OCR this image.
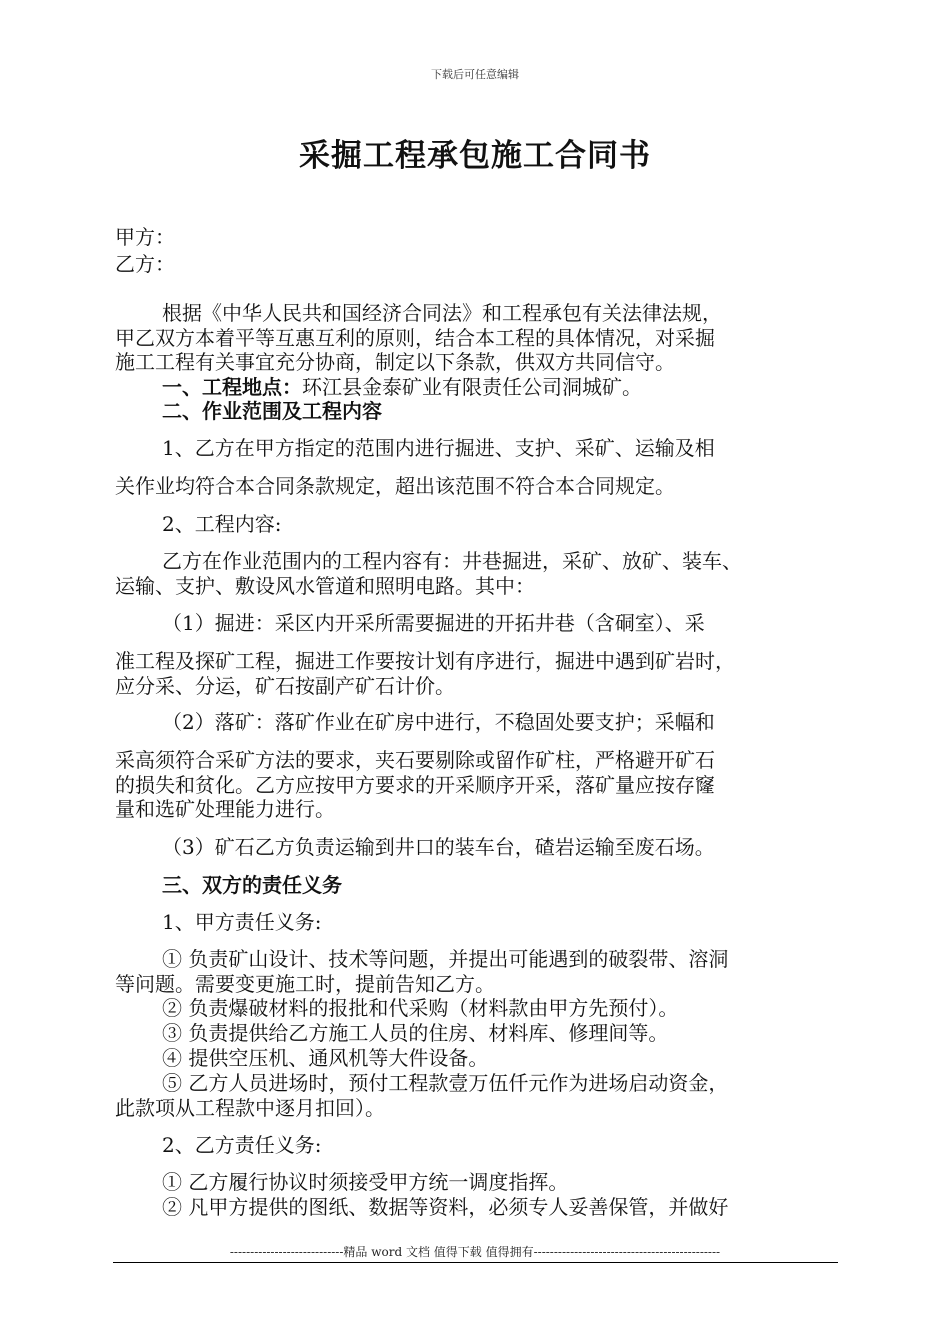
下载后可任意编辑
采掘工程承包施工合同书
甲方：
乙方：
根据《中华人民共和国经济合同法》和工程承包有关法律法规，
甲乙双方本着平等互惠互利的原则，结合本工程的具体情况，对采掘
施工工程有关事宜充分协商，制定以下条款，供双方共同信守。
一、工程地点：环江县金泰矿业有限责任公司洞城矿。
二、作业范围及工程内容
1、乙方在甲方指定的范围内进行掘进、支护、采矿、运输及相
关作业均符合本合同条款规定，超出该范围不符合本合同规定。
2、工程内容:
乙方在作业范围内的工程内容有：井巷掘进，采矿、放矿、装车、
运输、支护、敷设风水管道和照明电路。其中：
（1）掘进：采区内开采所需要掘进的开拓井巷（含硐室）、采
准工程及探矿工程，掘进工作要按计划有序进行，掘进中遇到矿岩时，
应分采、分运，矿石按副产矿石计价。
（2）落矿：落矿作业在矿房中进行，不稳固处要支护；采幅和
采高须符合采矿方法的要求，夹石要剔除或留作矿柱，严格避开矿石
的损失和贫化。乙方应按甲方要求的开采顺序开采，落矿量应按存窿
量和选矿处理能力进行。
（3）矿石乙方负责运输到井口的装车台，碴岩运输至废石场。
三、双方的责任义务
1、甲方责任义务:
① 负责矿山设计、技术等问题，并提出可能遇到的破裂带、溶洞
等问题。需要变更施工时，提前告知乙方。
② 负责爆破材料的报批和代采购（材料款由甲方先预付）。
③ 负责提供给乙方施工人员的住房、材料库、修理间等。
④ 提供空压机、通风机等大件设备。
⑤ 乙方人员进场时，预付工程款壹万伍仟元作为进场启动资金，
此款项从工程款中逐月扣回）。
2、乙方责任义务:
① 乙方履行协议时须接受甲方统一调度指挥。
② 凡甲方提供的图纸、数据等资料，必须专人妥善保管，并做好
----------------------------精品 word 文档 值得下载 值得拥有----------------------------------------------
